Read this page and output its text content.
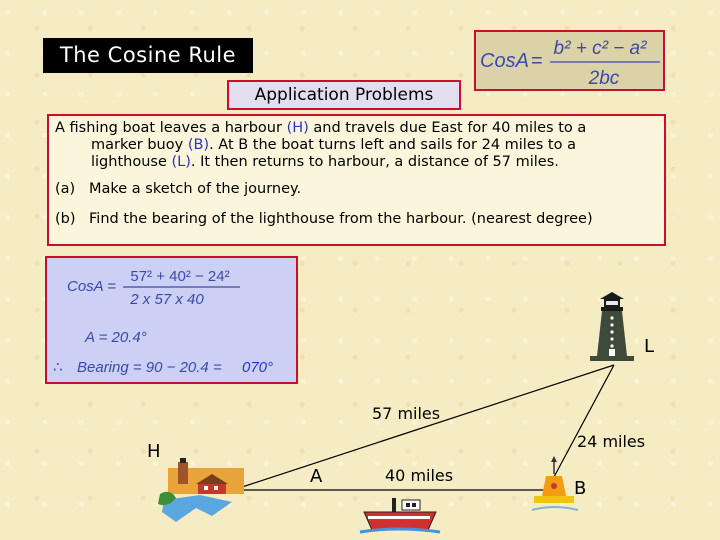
The Cosine Rule
Application Problems
CosA =
b² + c² − a²
2bc

A fishing boat leaves a harbour (H) and travels due East for 40 miles to a
marker buoy (B). At B the boat turns left and sails for 24 miles to a
lighthouse (L). It then returns to harbour, a distance of 57 miles.

(a) Make a sketch of the journey.
(b) Find the bearing of the lighthouse from the harbour. (nearest degree)
CosA =
57² + 40² − 24²
2 x 57 x 40
A = 20.4°
∴ Bearing = 90 − 20.4 = 070°
H
A
L
B
57 miles
24 miles
40 miles
